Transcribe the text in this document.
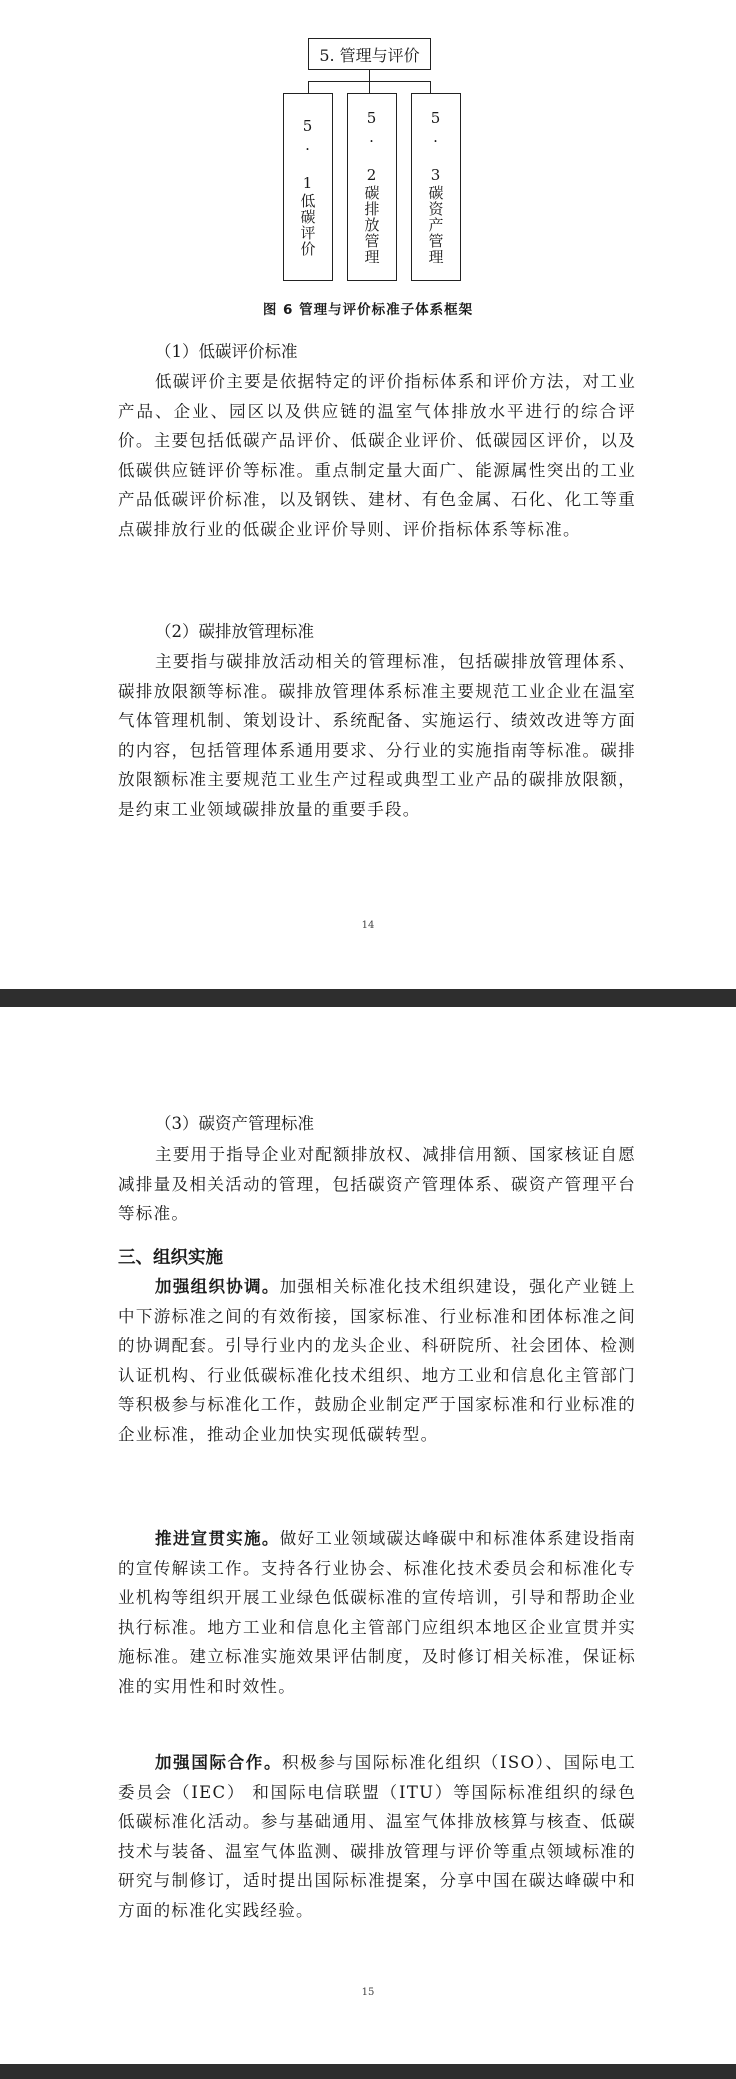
5. 管理与评价
5. 1低碳评价	5. 2碳排放管理	5. 3碳资产管理
图 6 管理与评价标准子体系框架
（1）低碳评价标准

低碳评价主要是依据特定的评价指标体系和评价方法，对工业产品、企业、园区以及供应链的温室气体排放水平进行的综合评价。主要包括低碳产品评价、低碳企业评价、低碳园区评价，以及低碳供应链评价等标准。重点制定量大面广、能源属性突出的工业产品低碳评价标准，以及钢铁、建材、有色金属、石化、化工等重点碳排放行业的低碳企业评价导则、评价指标体系等标准。

（2）碳排放管理标准

主要指与碳排放活动相关的管理标准，包括碳排放管理体系、碳排放限额等标准。碳排放管理体系标准主要规范工业企业在温室气体管理机制、策划设计、系统配备、实施运行、绩效改进等方面的内容，包括管理体系通用要求、分行业的实施指南等标准。碳排放限额标准主要规范工业生产过程或典型工业产品的碳排放限额，是约束工业领域碳排放量的重要手段。

14
（3）碳资产管理标准

主要用于指导企业对配额排放权、减排信用额、国家核证自愿减排量及相关活动的管理，包括碳资产管理体系、碳资产管理平台等标准。

三、组织实施

加强组织协调。加强相关标准化技术组织建设，强化产业链上中下游标准之间的有效衔接，国家标准、行业标准和团体标准之间的协调配套。引导行业内的龙头企业、科研院所、社会团体、检测认证机构、行业低碳标准化技术组织、地方工业和信息化主管部门等积极参与标准化工作，鼓励企业制定严于国家标准和行业标准的企业标准，推动企业加快实现低碳转型。

推进宣贯实施。做好工业领域碳达峰碳中和标准体系建设指南的宣传解读工作。支持各行业协会、标准化技术委员会和标准化专业机构等组织开展工业绿色低碳标准的宣传培训，引导和帮助企业执行标准。地方工业和信息化主管部门应组织本地区企业宣贯并实施标准。建立标准实施效果评估制度，及时修订相关标准，保证标准的实用性和时效性。

加强国际合作。积极参与国际标准化组织（ISO）、国际电工委员会（IEC） 和国际电信联盟（ITU）等国际标准组织的绿色低碳标准化活动。参与基础通用、温室气体排放核算与核查、低碳技术与装备、温室气体监测、碳排放管理与评价等重点领域标准的研究与制修订，适时提出国际标准提案，分享中国在碳达峰碳中和方面的标准化实践经验。

15
